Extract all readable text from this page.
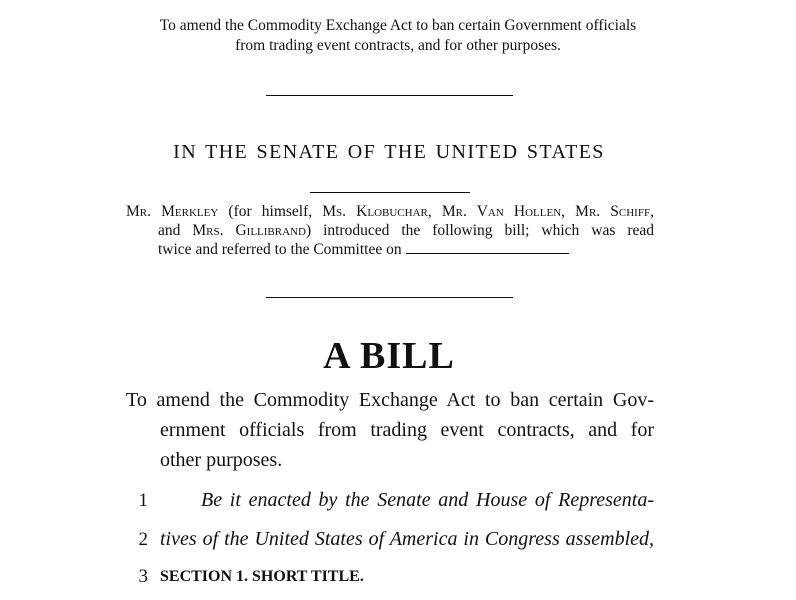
To amend the Commodity Exchange Act to ban certain Government officials
from trading event contracts, and for other purposes.
IN THE SENATE OF THE UNITED STATES
Mr. Merkley (for himself, Ms. Klobuchar, Mr. Van Hollen, Mr. Schiff,
and Mrs. Gillibrand) introduced the following bill; which was read
twice and referred to the Committee on
A BILL
To amend the Commodity Exchange Act to ban certain Gov-
ernment officials from trading event contracts, and for
other purposes.
1
2
3
Be it enacted by the Senate and House of Representa-
tives of the United States of America in Congress assembled,
SECTION 1. SHORT TITLE.
